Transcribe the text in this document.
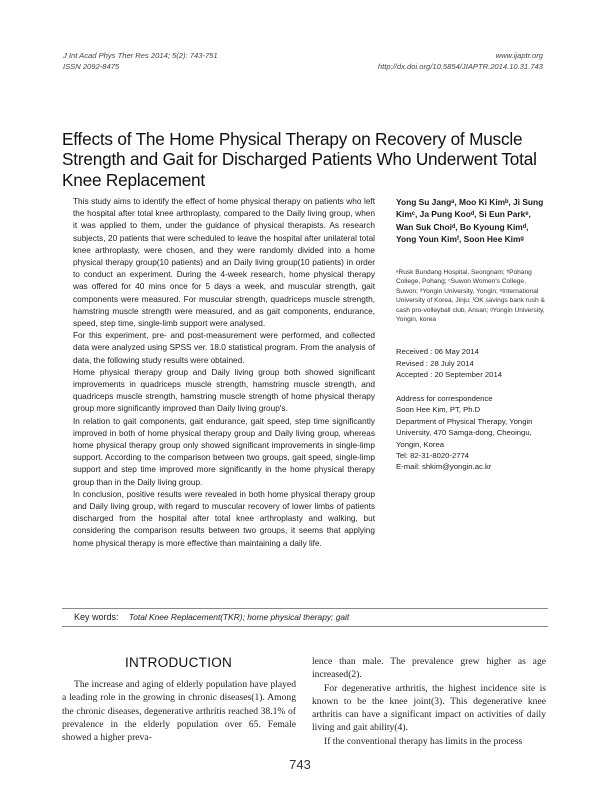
J Int Acad Phys Ther Res 2014; 5(2): 743-751
ISSN 2092-8475
www.ijaptr.org
http://dx.doi.org/10.5854/JIAPTR.2014.10.31.743
Effects of The Home Physical Therapy on Recovery of Muscle Strength and Gait for Discharged Patients Who Underwent Total Knee Replacement

This study aims to identify the effect of home physical therapy on patients who left the hospital after total knee arthroplasty, compared to the Daily living group, when it was applied to them, under the guidance of physical therapists. As research subjects, 20 patients that were scheduled to leave the hospital after unilateral total knee arthroplasty, were chosen, and they were randomly divided into a home physical therapy group(10 patients) and an Daily living group(10 patients) in order to conduct an experiment. During the 4-week research, home physical therapy was offered for 40 mins once for 5 days a week, and muscular strength, gait components were measured. For muscular strength, quadriceps muscle strength, hamstring muscle strength were measured, and as gait components, endurance, speed, step time, single-limb support were analysed.

For this experiment, pre- and post-measurement were performed, and collected data were analyzed using SPSS ver. 18.0 statistical program. From the analysis of data, the following study results were obtained.

Home physical therapy group and Daily living group both showed significant improvements in quadriceps muscle strength, hamstring muscle strength, and quadriceps muscle strength, hamstring muscle strength of home physical therapy group more significantly improved than Daily living group's.

In relation to gait components, gait endurance, gait speed, step time significantly improved in both of home physical therapy group and Daily living group, whereas home physical therapy group only showed significant improvements in single-limp support. According to the comparison between two groups, gait speed, single-limp support and step time improved more significantly in the home physical therapy group than in the Daily living group.

In conclusion, positive results were revealed in both home physical therapy group and Daily living group, with regard to muscular recovery of lower limbs of patients discharged from the hospital after total knee arthroplasty and walking, but considering the comparison results between two groups, it seems that applying home physical therapy is more effective than maintaining a daily life.

Yong Su Jangᵃ, Moo Ki Kimᵇ, Ji Sung Kimᶜ, Ja Pung Kooᵈ, Si Eun Parkᵉ, Wan Suk Choiᵈ, Bo Kyoung Kimᵈ, Yong Youn Kimᶠ, Soon Hee Kimᵍ
ᵃRusk Bundang Hospital, Seongnam; ᵇPohang College, Pohang; ᶜSuwon Women's College, Suwon; ᵈYongin University, Yongin; ᵉInternational University of Korea, Jinju; ᶠOK savings bank rush & cash pro-volleyball club, Ansan; ᵍYongin University, Yongin, korea
Received : 06 May 2014
Revised : 28 July 2014
Accepted : 20 September 2014
Address for correspondence
Soon Hee Kim, PT, Ph.D
Department of Physical Therapy, Yongin University, 470 Samga-dong, Cheoingu, Yongin, Korea
Tel: 82-31-8020-2774
E-mail: shkim@yongin.ac.kr
Key words: Total Knee Replacement(TKR); home physical therapy; gait
INTRODUCTION

The increase and aging of elderly population have played a leading role in the growing in chronic diseases(1). Among the chronic diseases, degenerative arthritis reached 38.1% of prevalence in the elderly population over 65. Female showed a higher preva-

lence than male. The prevalence grew higher as age increased(2).

For degenerative arthritis, the highest incidence site is known to be the knee joint(3). This degenerative knee arthritis can have a significant impact on activities of daily living and gait ability(4).

If the conventional therapy has limits in the process

743
